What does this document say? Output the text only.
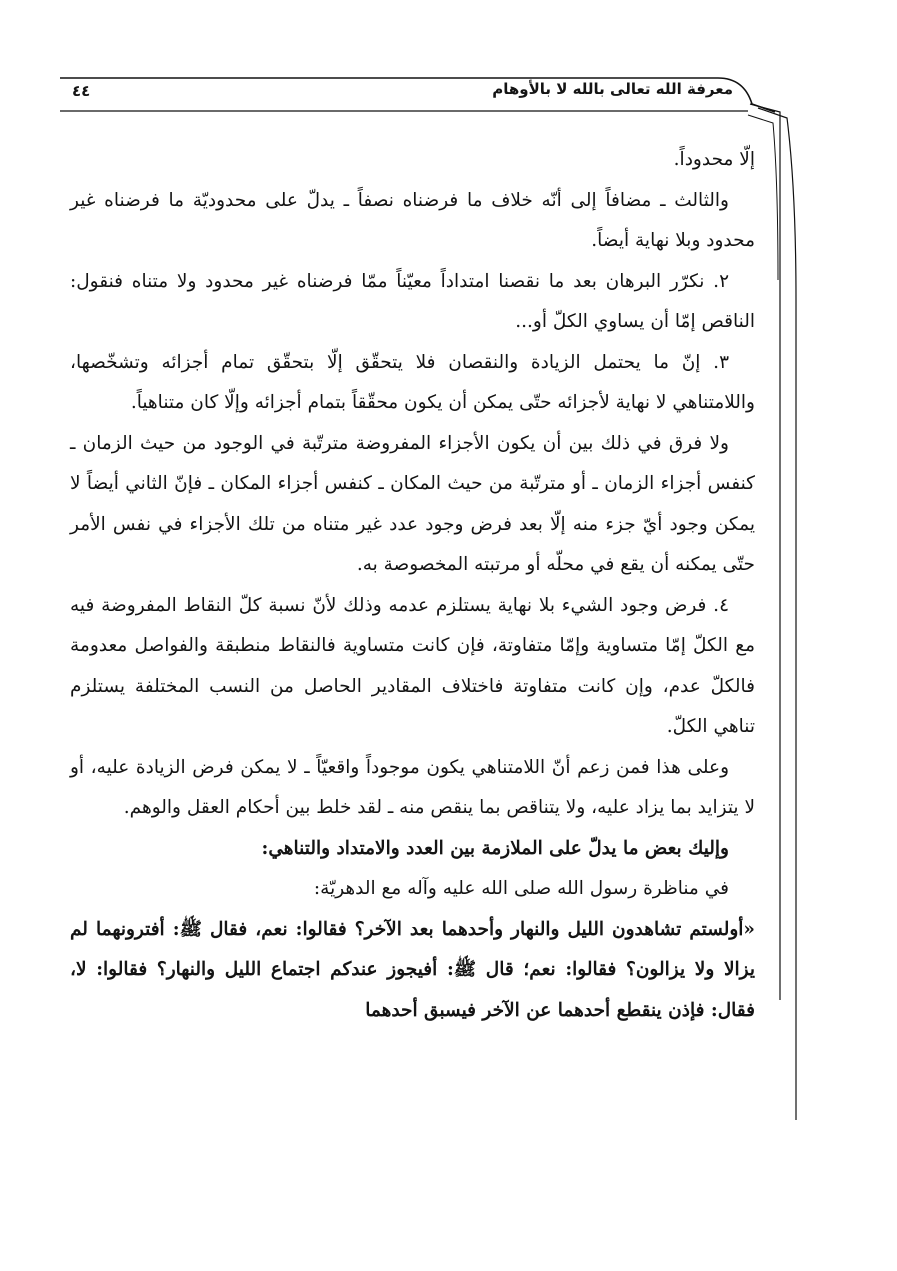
معرفة الله تعالى بالله لا بالأوهام
٤٤

إلّا محدوداً.

والثالث ـ مضافاً إلى أنّه خلاف ما فرضناه نصفاً ـ يدلّ على محدوديّة ما فرضناه غير محدود وبلا نهاية أيضاً.

٢. نكرّر البرهان بعد ما نقصنا امتداداً معيّناً ممّا فرضناه غير محدود ولا متناه فنقول: الناقص إمّا أن يساوي الكلّ أو...

٣. إنّ ما يحتمل الزيادة والنقصان فلا يتحقّق إلّا بتحقّق تمام أجزائه وتشخّصها، واللامتناهي لا نهاية لأجزائه حتّى يمكن أن يكون محقّقاً بتمام أجزائه وإلّا كان متناهياً.

ولا فرق في ذلك بين أن يكون الأجزاء المفروضة مترتّبة في الوجود من حيث الزمان ـ كنفس أجزاء الزمان ـ أو مترتّبة من حيث المكان ـ كنفس أجزاء المكان ـ فإنّ الثاني أيضاً لا يمكن وجود أيّ جزء منه إلّا بعد فرض وجود عدد غير متناه من تلك الأجزاء في نفس الأمر حتّى يمكنه أن يقع في محلّه أو مرتبته المخصوصة به.

٤. فرض وجود الشيء بلا نهاية يستلزم عدمه وذلك لأنّ نسبة كلّ النقاط المفروضة فيه مع الكلّ إمّا متساوية وإمّا متفاوتة، فإن كانت متساوية فالنقاط منطبقة والفواصل معدومة فالكلّ عدم، وإن كانت متفاوتة فاختلاف المقادير الحاصل من النسب المختلفة يستلزم تناهي الكلّ.

وعلى هذا فمن زعم أنّ اللامتناهي يكون موجوداً واقعيّاً ـ لا يمكن فرض الزيادة عليه، أو لا يتزايد بما يزاد عليه، ولا يتناقص بما ينقص منه ـ لقد خلط بين أحكام العقل والوهم.

وإليك بعض ما يدلّ على الملازمة بين العدد والامتداد والتناهي:

في مناظرة رسول الله صلى الله عليه وآله مع الدهريّة:

«أولستم تشاهدون الليل والنهار وأحدهما بعد الآخر؟ فقالوا: نعم، فقال ﷺ: أفترونهما لم يزالا ولا يزالون؟ فقالوا: نعم؛ قال ﷺ: أفيجوز عندكم اجتماع الليل والنهار؟ فقالوا: لا، فقال: فإذن ينقطع أحدهما عن الآخر فيسبق أحدهما
